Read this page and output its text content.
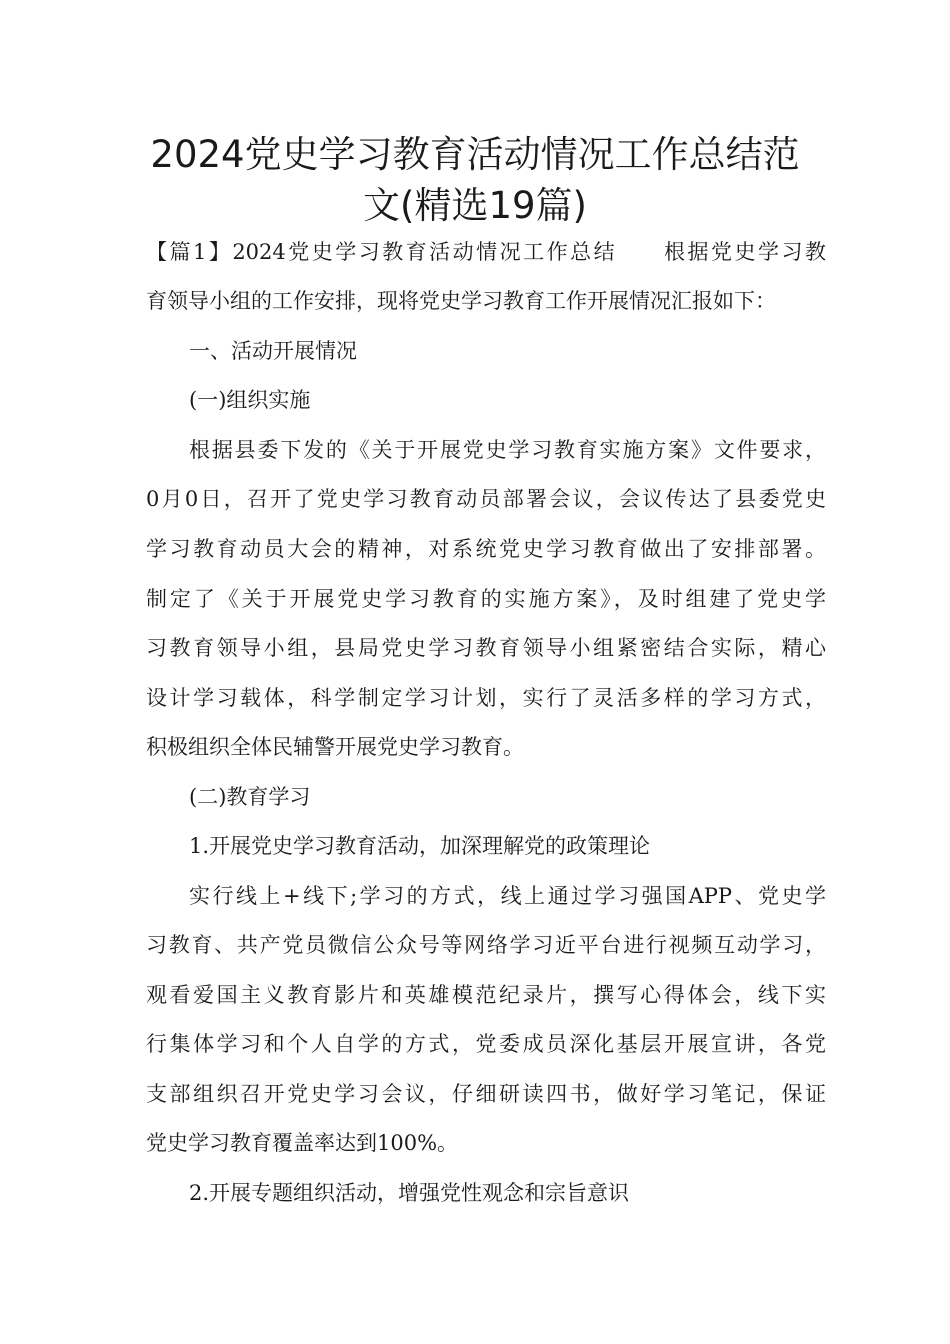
2024党史学习教育活动情况工作总结范
文(精选19篇)
【篇1】2024党史学习教育活动情况工作总结　　根据党史学习教
育领导小组的工作安排，现将党史学习教育工作开展情况汇报如下：
一、活动开展情况
(一)组织实施
根据县委下发的《关于开展党史学习教育实施方案》文件要求，
0月0日，召开了党史学习教育动员部署会议，会议传达了县委党史
学习教育动员大会的精神，对系统党史学习教育做出了安排部署。
制定了《关于开展党史学习教育的实施方案》，及时组建了党史学
习教育领导小组，县局党史学习教育领导小组紧密结合实际，精心
设计学习载体，科学制定学习计划，实行了灵活多样的学习方式，
积极组织全体民辅警开展党史学习教育。
(二)教育学习
1.开展党史学习教育活动，加深理解党的政策理论
实行线上+线下;学习的方式，线上通过学习强国APP、党史学
习教育、共产党员微信公众号等网络学习近平台进行视频互动学习，
观看爱国主义教育影片和英雄模范纪录片，撰写心得体会，线下实
行集体学习和个人自学的方式，党委成员深化基层开展宣讲，各党
支部组织召开党史学习会议，仔细研读四书，做好学习笔记，保证
党史学习教育覆盖率达到100%。
2.开展专题组织活动，增强党性观念和宗旨意识
